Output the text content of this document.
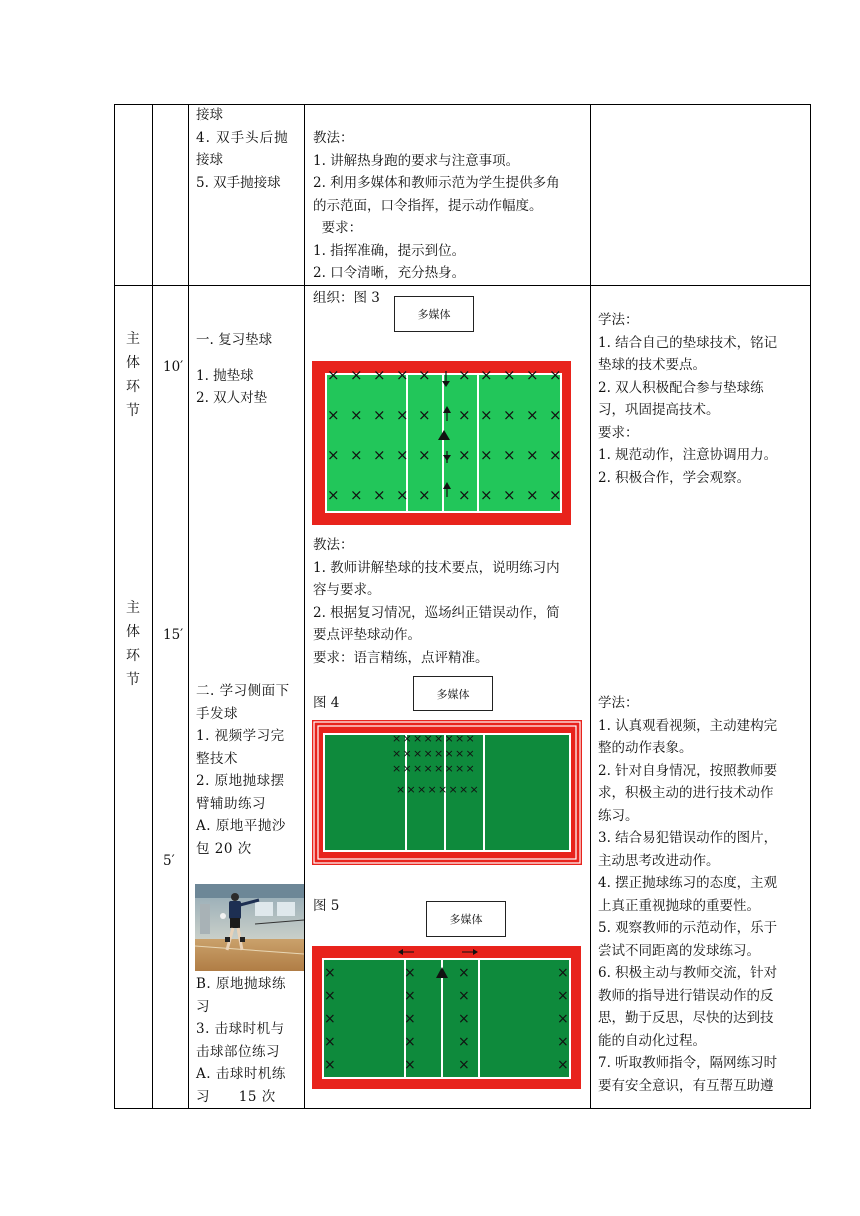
接球
4. 双手头后抛
接球
5. 双手抛接球
教法：
1. 讲解热身跑的要求与注意事项。
2. 利用多媒体和教师示范为学生提供多角
的示范面，口令指挥，提示动作幅度。
要求：
1. 指挥准确，提示到位。
2. 口令清晰，充分热身。
主体环节
主体环节
10′
15′
5′
一. 复习垫球
1. 抛垫球
2. 双人对垫
二. 学习侧面下
手发球
1. 视频学习完
整技术
2. 原地抛球摆
臂辅助练习
A. 原地平抛沙
包 20 次
B. 原地抛球练
习
3. 击球时机与
击球部位练习
A. 击球时机练
习      15 次
组织：图 3
多媒体
× × × × × × × × × ×
× × × × × × × × × ×
× × × × × × × × × ×
× × × × × × × × × ×
教法：
1. 教师讲解垫球的技术要点，说明练习内
容与要求。
2. 根据复习情况，巡场纠正错误动作，简
要点评垫球动作。
要求：语言精练，点评精准。
图 4
多媒体
× × × × × × × ×
× × × × × × × ×
× × × × × × × ×
× × × × × × × ×
图 5
多媒体
×
×
×
×
×
×
×
×
×
×
×
×
×
×
×
×
×
×
×
×
学法：
1. 结合自己的垫球技术，铭记
垫球的技术要点。
2. 双人积极配合参与垫球练
习，巩固提高技术。
要求：
1. 规范动作，注意协调用力。
2. 积极合作，学会观察。
学法：
1. 认真观看视频，主动建构完
整的动作表象。
2. 针对自身情况，按照教师要
求，积极主动的进行技术动作
练习。
3. 结合易犯错误动作的图片，
主动思考改进动作。
4. 摆正抛球练习的态度，主观
上真正重视抛球的重要性。
5. 观察教师的示范动作，乐于
尝试不同距离的发球练习。
6. 积极主动与教师交流，针对
教师的指导进行错误动作的反
思，勤于反思，尽快的达到技
能的自动化过程。
7. 听取教师指令，隔网练习时
要有安全意识，有互帮互助遵
